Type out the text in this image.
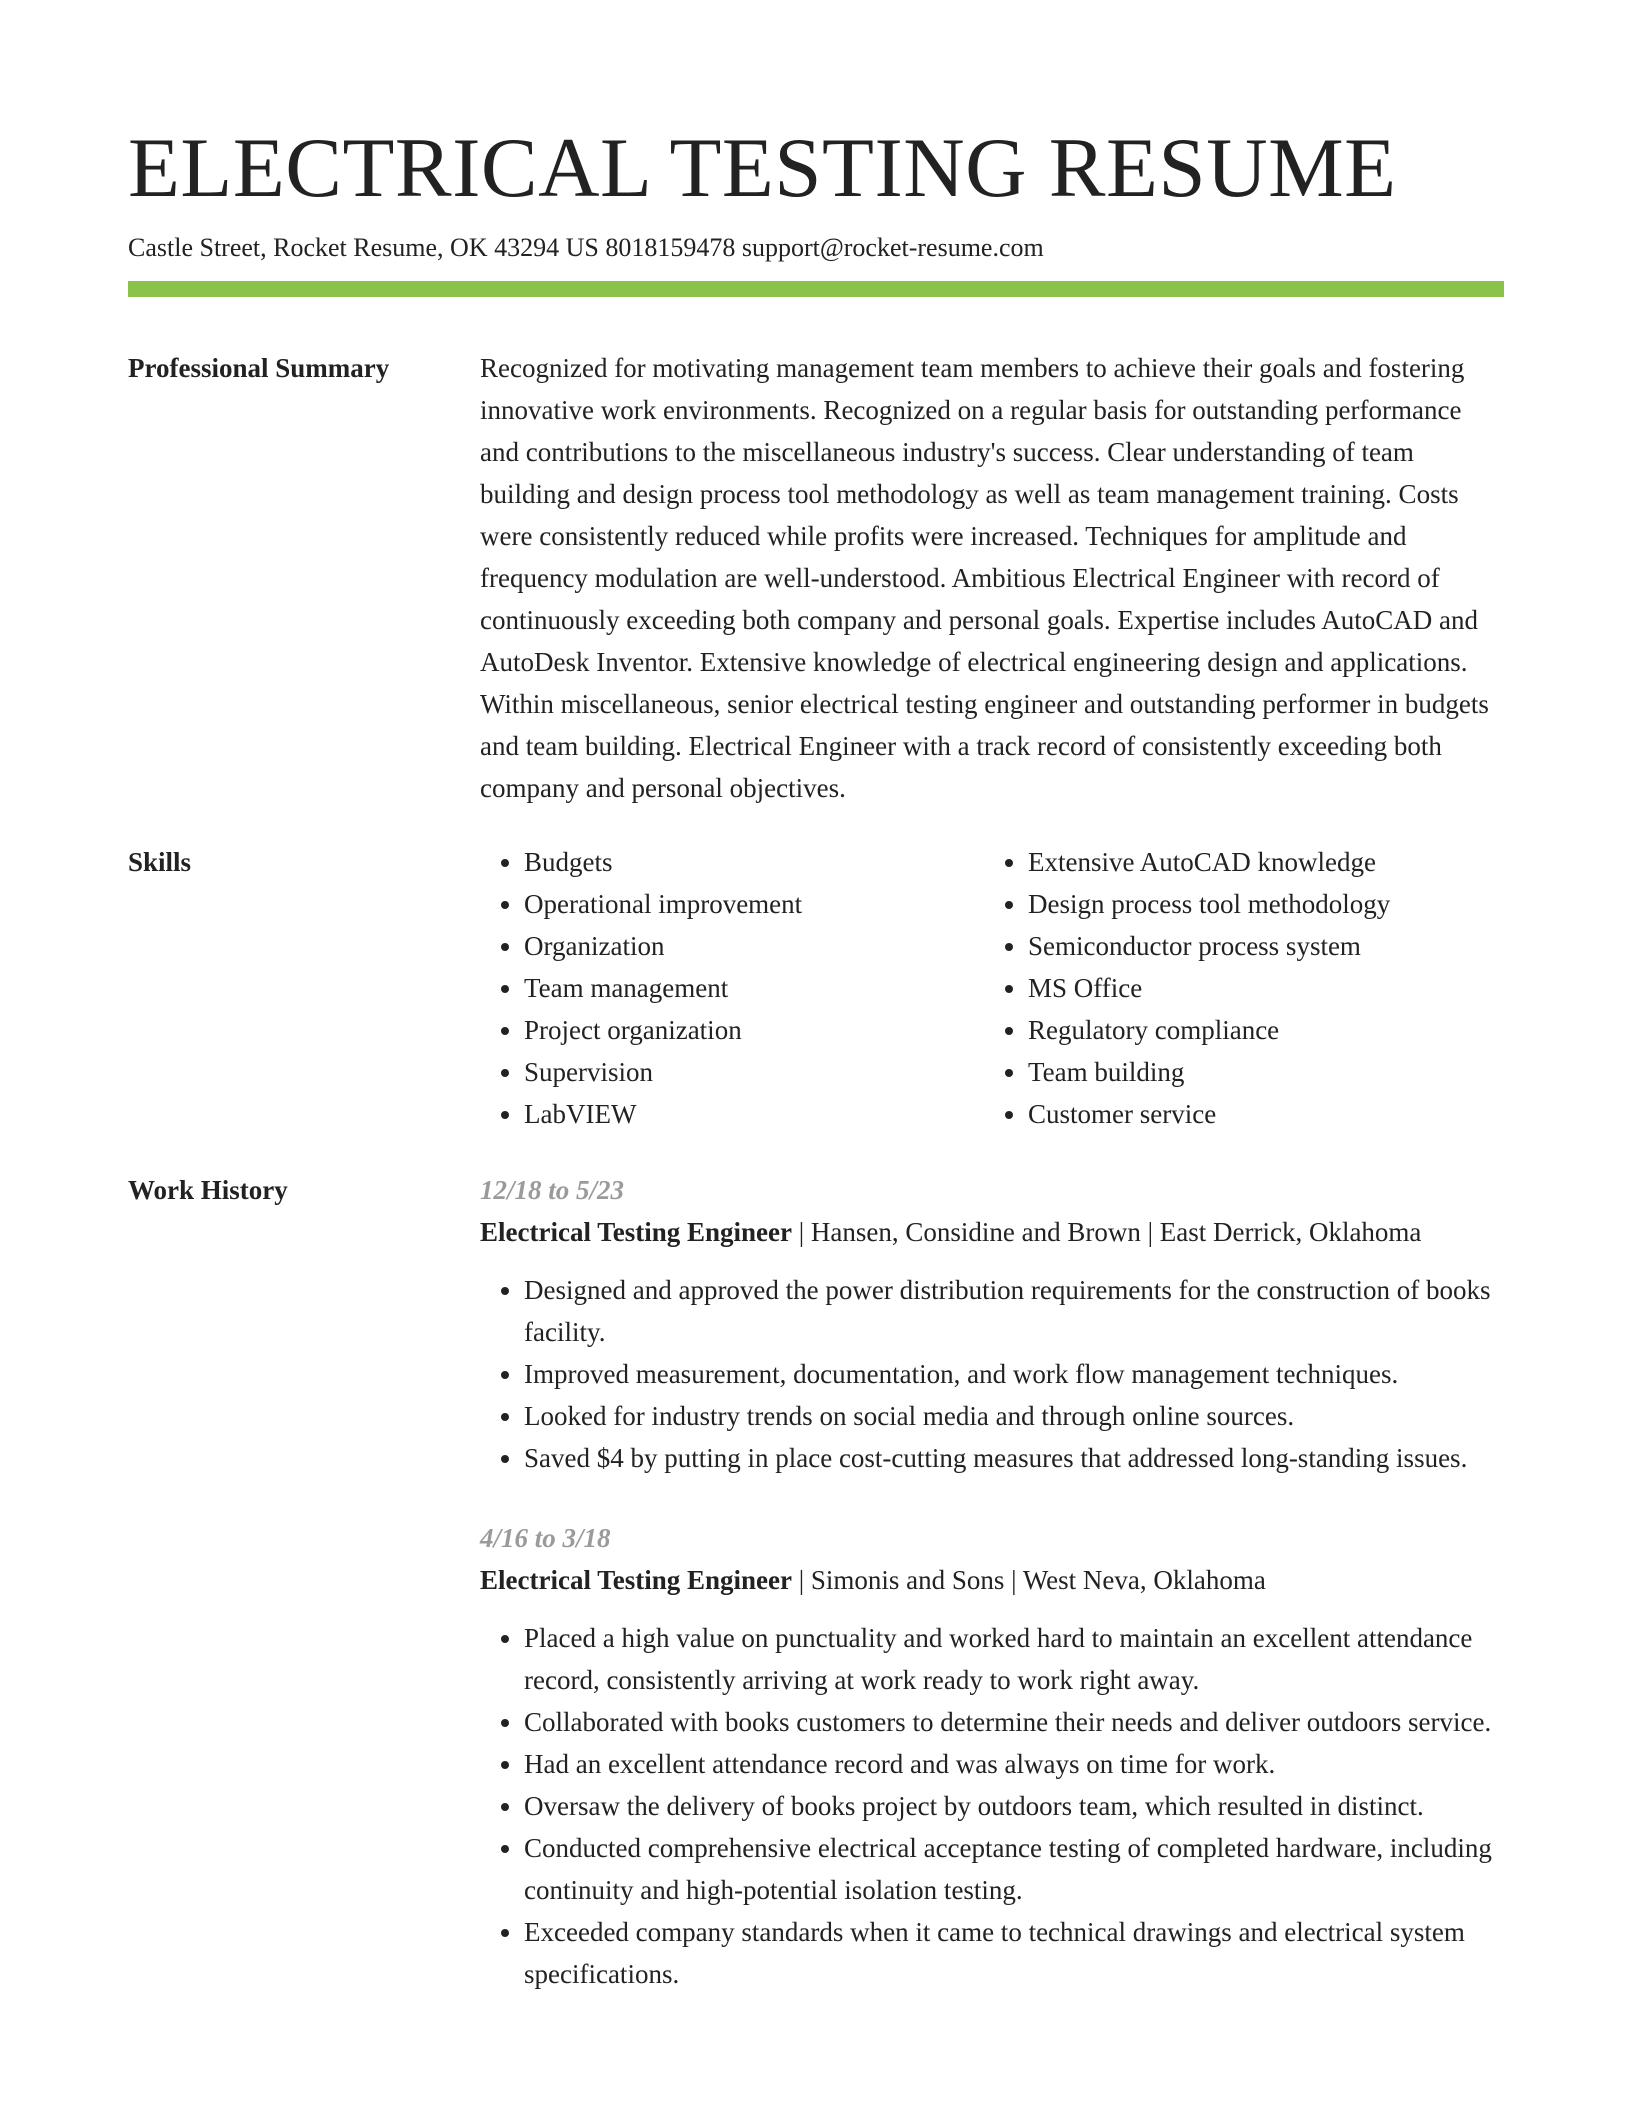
ELECTRICAL TESTING RESUME
Castle Street, Rocket Resume, OK 43294 US 8018159478 support@rocket-resume.com
Professional Summary	Recognized for motivating management team members to achieve their goals and fostering innovative work environments. Recognized on a regular basis for outstanding performance and contributions to the miscellaneous industry's success. Clear understanding of team building and design process tool methodology as well as team management training. Costs were consistently reduced while profits were increased. Techniques for amplitude and frequency modulation are well-understood. Ambitious Electrical Engineer with record of continuously exceeding both company and personal goals. Expertise includes AutoCAD and AutoDesk Inventor. Extensive knowledge of electrical engineering design and applications. Within miscellaneous, senior electrical testing engineer and outstanding performer in budgets and team building. Electrical Engineer with a track record of consistently exceeding both company and personal objectives.

Skills
•	Budgets
• Operational improvement
• Organization
• Team management
• Project organization
• Supervision
• LabVIEW
• Extensive AutoCAD knowledge
• Design process tool methodology
• Semiconductor process system
• MS Office
• Regulatory compliance
• Team building
• Customer service
Work History	12/18 to 5/23
Electrical Testing Engineer | Hansen, Considine and Brown | East Derrick, Oklahoma
• Designed and approved the power distribution requirements for the construction of books facility.
• Improved measurement, documentation, and work flow management techniques.
• Looked for industry trends on social media and through online sources.
• Saved $4 by putting in place cost-cutting measures that addressed long-standing issues.
4/16 to 3/18
Electrical Testing Engineer | Simonis and Sons | West Neva, Oklahoma
• Placed a high value on punctuality and worked hard to maintain an excellent attendance record, consistently arriving at work ready to work right away.
• Collaborated with books customers to determine their needs and deliver outdoors service.
• Had an excellent attendance record and was always on time for work.
• Oversaw the delivery of books project by outdoors team, which resulted in distinct.
• Conducted comprehensive electrical acceptance testing of completed hardware, including continuity and high-potential isolation testing.
• Exceeded company standards when it came to technical drawings and electrical system specifications.
